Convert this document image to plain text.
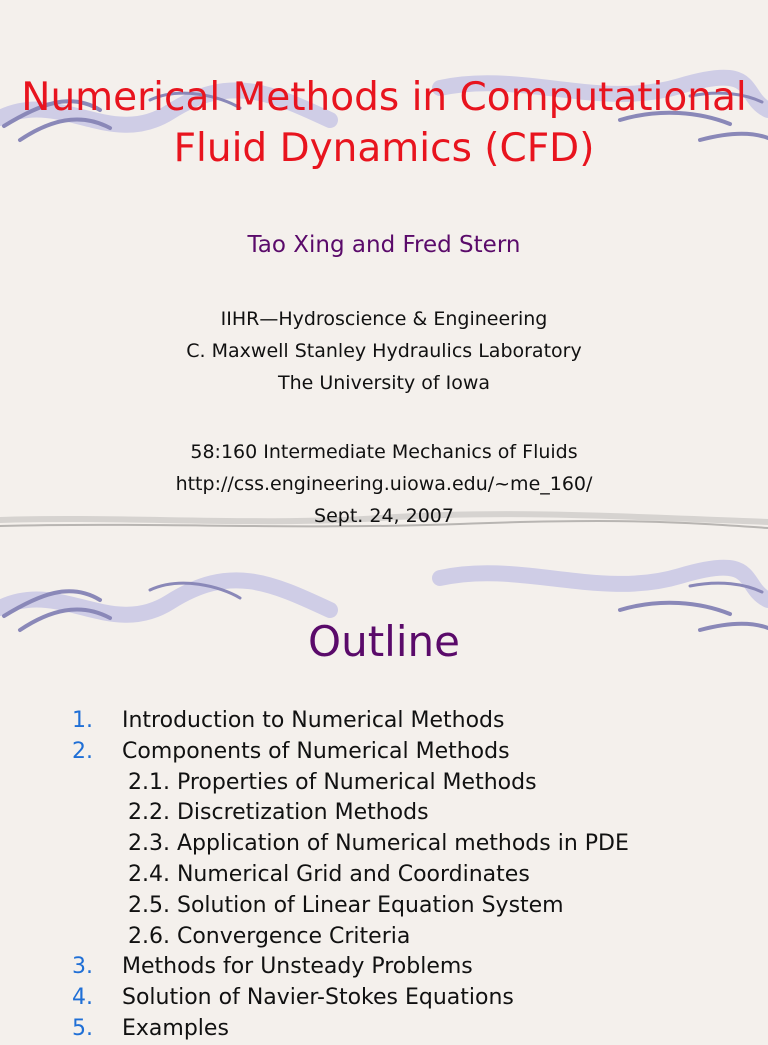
Numerical Methods in Computational
Fluid Dynamics (CFD)
Tao Xing and Fred Stern
IIHR—Hydroscience & Engineering
C. Maxwell Stanley Hydraulics Laboratory
The University of Iowa
58:160 Intermediate Mechanics of Fluids
http://css.engineering.uiowa.edu/~me_160/
Sept. 24, 2007
Outline
1. Introduction to Numerical Methods
2. Components of Numerical Methods
2.1. Properties of Numerical Methods
2.2. Discretization Methods
2.3. Application of Numerical methods in PDE
2.4. Numerical Grid and Coordinates
2.5. Solution of Linear Equation System
2.6. Convergence Criteria
3. Methods for Unsteady Problems
4. Solution of Navier-Stokes Equations
5. Examples
